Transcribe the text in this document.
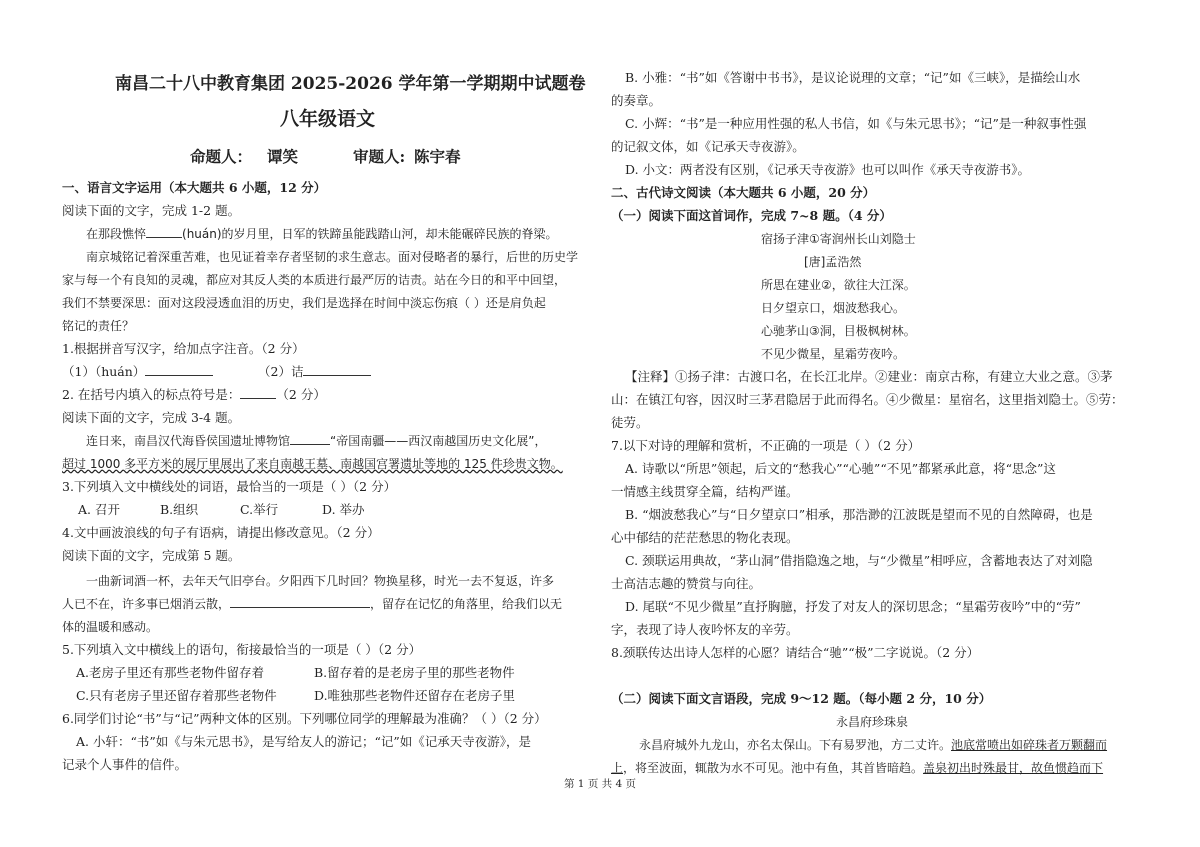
南昌二十八中教育集团 2025-2026 学年第一学期期中试题卷
八年级语文
命题人： 谭笑	审题人: 陈宇春
一、语言文字运用（本大题共 6 小题，12 分）
阅读下面的文字，完成 1-2 题。
在那段憔悴	(huán)的岁月里，日军的铁蹄虽能践踏山河，却未能碾碎民族的脊梁。
南京城铭记着深重苦难，也见证着幸存者坚韧的求生意志。面对侵略者的暴行，后世的历史学
家与每一个有良知的灵魂，都应对其反人类的本质进行最严厉的诘责。站在今日的和平中回望，
我们不禁要深思：面对这段浸透血泪的历史，我们是选择在时间中淡忘伤痕（ ）还是肩负起
铭记的责任？
1.根据拼音写汉字，给加点字注音。（2 分）
（1）（huán）	（2）诘
2. 在括号内填入的标点符号是：	（2 分）
阅读下面的文字，完成 3-4 题。
连日来，南昌汉代海昏侯国遗址博物馆	“帝国南疆——西汉南越国历史文化展”，
超过 1000 多平方米的展厅里展出了来自南越王墓、南越国宫署遗址等地的 125 件珍贵文物。
3.下列填入文中横线处的词语，最恰当的一项是（ ）（2 分）
A. 召开	B.组织	C.举行	D. 举办
4.文中画波浪线的句子有语病，请提出修改意见。（2 分）
阅读下面的文字，完成第 5 题。
一曲新词酒一杯，去年天气旧亭台。夕阳西下几时回？物换星移，时光一去不复返，许多
人已不在，许多事已烟消云散，	，留存在记忆的角落里，给我们以无
体的温暖和感动。
5.下列填入文中横线上的语句，衔接最恰当的一项是（ ）（2 分）
A.老房子里还有那些老物件留存着	B.留存着的是老房子里的那些老物件
C.只有老房子里还留存着那些老物件	D.唯独那些老物件还留存在老房子里
6.同学们讨论“书”与“记”两种文体的区别。下列哪位同学的理解最为准确？（ ）（2 分）
A. 小轩：“书”如《与朱元思书》，是写给友人的游记；“记”如《记承天寺夜游》，是
记录个人事件的信件。
B. 小雅：“书”如《答谢中书书》，是议论说理的文章；“记”如《三峡》，是描绘山水
的奏章。
C. 小辉：“书”是一种应用性强的私人书信，如《与朱元思书》；“记”是一种叙事性强
的记叙文体，如《记承天寺夜游》。
D. 小文：两者没有区别，《记承天寺夜游》也可以叫作《承天寺夜游书》。
二、古代诗文阅读（本大题共 6 小题，20 分）
（一）阅读下面这首词作，完成 7~8 题。（4 分）
宿扬子津①寄润州长山刘隐士
[唐]孟浩然
所思在建业②，欲往大江深。
日夕望京口，烟波愁我心。
心驰茅山③洞，目极枫树林。
不见少微星，星霜劳夜吟。
【注释】①扬子津：古渡口名，在长江北岸。②建业：南京古称，有建立大业之意。③茅
山：在镇江句容，因汉时三茅君隐居于此而得名。④少微星：星宿名，这里指刘隐士。⑤劳：
徒劳。
7.以下对诗的理解和赏析，不正确的一项是（ ）（2 分）
A. 诗歌以“所思”领起，后文的“愁我心”“心驰”“不见”都紧承此意，将“思念”这
一情感主线贯穿全篇，结构严谨。
B. “烟波愁我心”与“日夕望京口”相承，那浩渺的江波既是望而不见的自然障碍，也是
心中郁结的茫茫愁思的物化表现。
C. 颈联运用典故，“茅山洞”借指隐逸之地，与“少微星”相呼应，含蓄地表达了对刘隐
士高洁志趣的赞赏与向往。
D. 尾联“不见少微星”直抒胸臆，抒发了对友人的深切思念；“星霜劳夜吟”中的“劳”
字，表现了诗人夜吟怀友的辛劳。
8.颈联传达出诗人怎样的心愿？请结合“驰”“极”二字说说。（2 分）
（二）阅读下面文言语段，完成 9～12 题。（每小题 2 分，10 分）
永昌府珍珠泉
永昌府城外九龙山，亦名太保山。下有易罗池，方二丈许。池底常喷出如碎珠者万颗翻而
上，将至波面，辄散为水不可见。池中有鱼，其首皆暗趋。盖泉初出时殊最甘，故鱼惯趋而下
第 1 页 共 4 页
